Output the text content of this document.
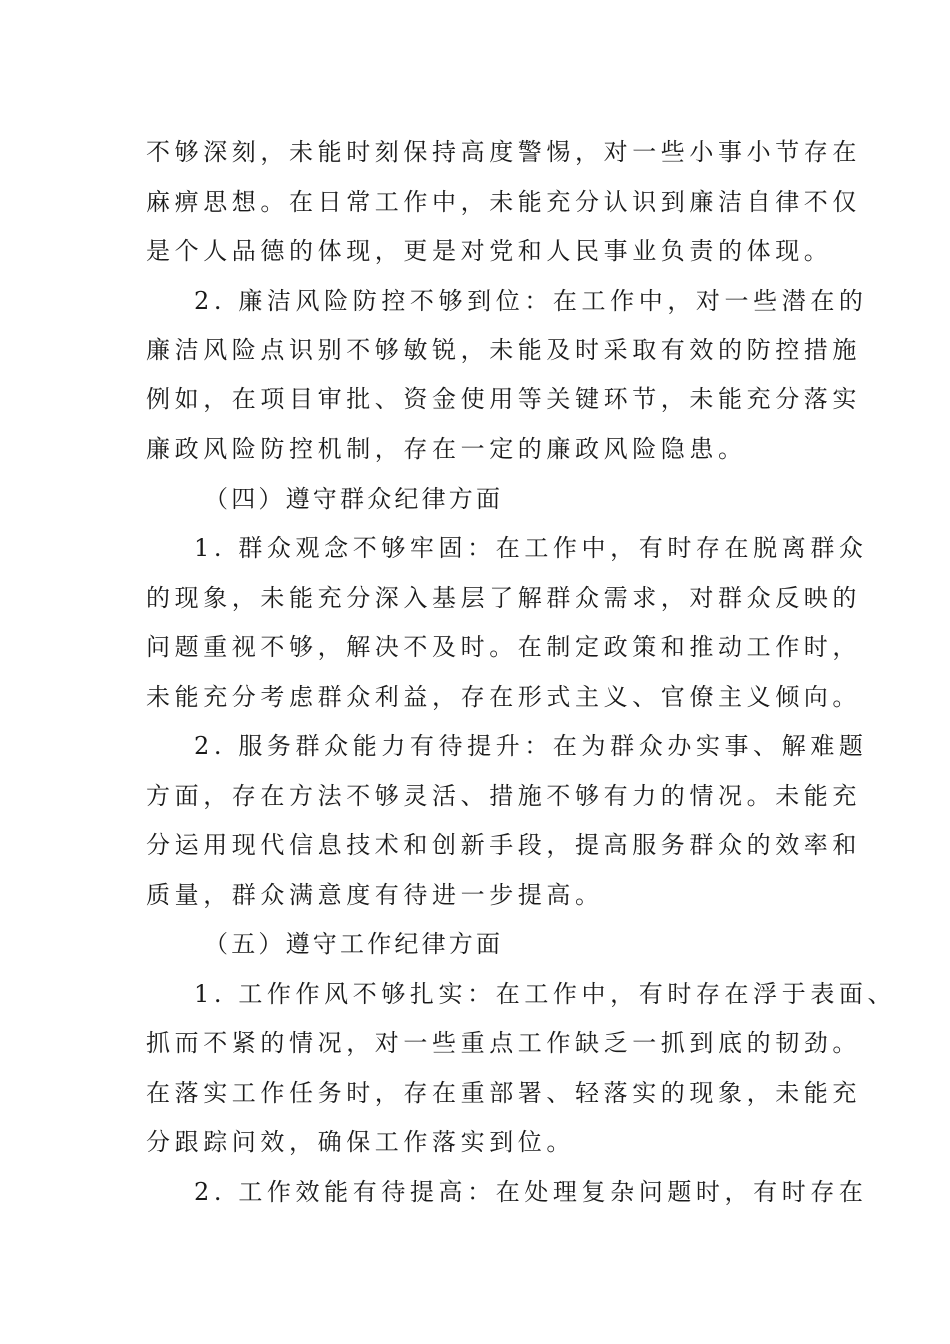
不够深刻，未能时刻保持高度警惕，对一些小事小节存在
麻痹思想。在日常工作中，未能充分认识到廉洁自律不仅
是个人品德的体现，更是对党和人民事业负责的体现。
2. 廉洁风险防控不够到位：在工作中，对一些潜在的
廉洁风险点识别不够敏锐，未能及时采取有效的防控措施
例如，在项目审批、资金使用等关键环节，未能充分落实
廉政风险防控机制，存在一定的廉政风险隐患。
（四）遵守群众纪律方面
1. 群众观念不够牢固：在工作中，有时存在脱离群众
的现象，未能充分深入基层了解群众需求，对群众反映的
问题重视不够，解决不及时。在制定政策和推动工作时，
未能充分考虑群众利益，存在形式主义、官僚主义倾向。
2. 服务群众能力有待提升：在为群众办实事、解难题
方面，存在方法不够灵活、措施不够有力的情况。未能充
分运用现代信息技术和创新手段，提高服务群众的效率和
质量，群众满意度有待进一步提高。
（五）遵守工作纪律方面
1. 工作作风不够扎实：在工作中，有时存在浮于表面、
抓而不紧的情况，对一些重点工作缺乏一抓到底的韧劲。
在落实工作任务时，存在重部署、轻落实的现象，未能充
分跟踪问效，确保工作落实到位。
2. 工作效能有待提高：在处理复杂问题时，有时存在
